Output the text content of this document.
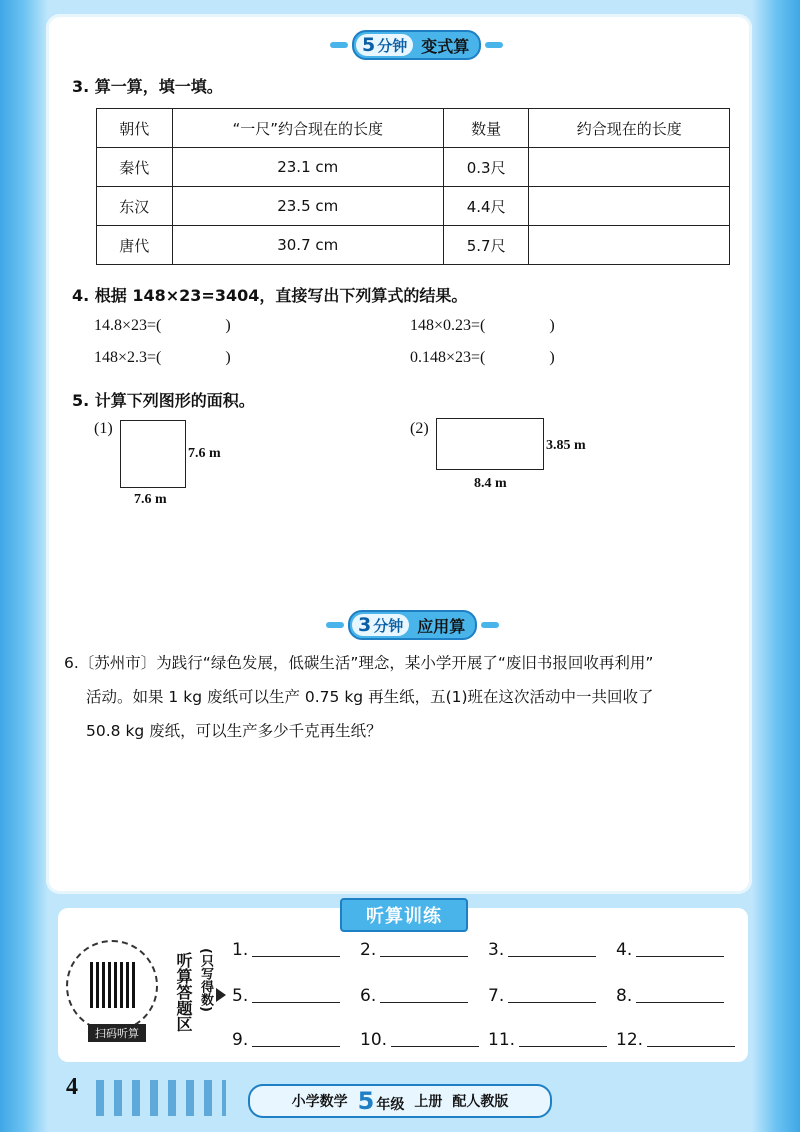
5 分钟 变式算
3. 算一算，填一填。
朝代	“一尺”约合现在的长度	数量	约合现在的长度
秦代	23.1 cm	0.3尺	
东汉	23.5 cm	4.4尺	
唐代	30.7 cm	5.7尺	
4. 根据 148×23=3404，直接写出下列算式的结果。
14.8×23=(　　　　)	148×0.23=(　　　　)
148×2.3=(　　　　)	0.148×23=(　　　　)
5. 计算下列图形的面积。
(1)
7.6 m
7.6 m
(2)
3.85 m
8.4 m
3 分钟 应用算
6.〔苏州市〕为践行“绿色发展，低碳生活”理念，某小学开展了“废旧书报回收再利用”
活动。如果 1 kg 废纸可以生产 0.75 kg 再生纸，五(1)班在这次活动中一共回收了
50.8 kg 废纸，可以生产多少千克再生纸？
听算训练
扫码听算
听算答题区 (只写得数) 1.	2.	3.	4.
5.	6.	7.	8.
9.	10.	11.	12.
4
小学数学 5 年级 上册 配人教版
